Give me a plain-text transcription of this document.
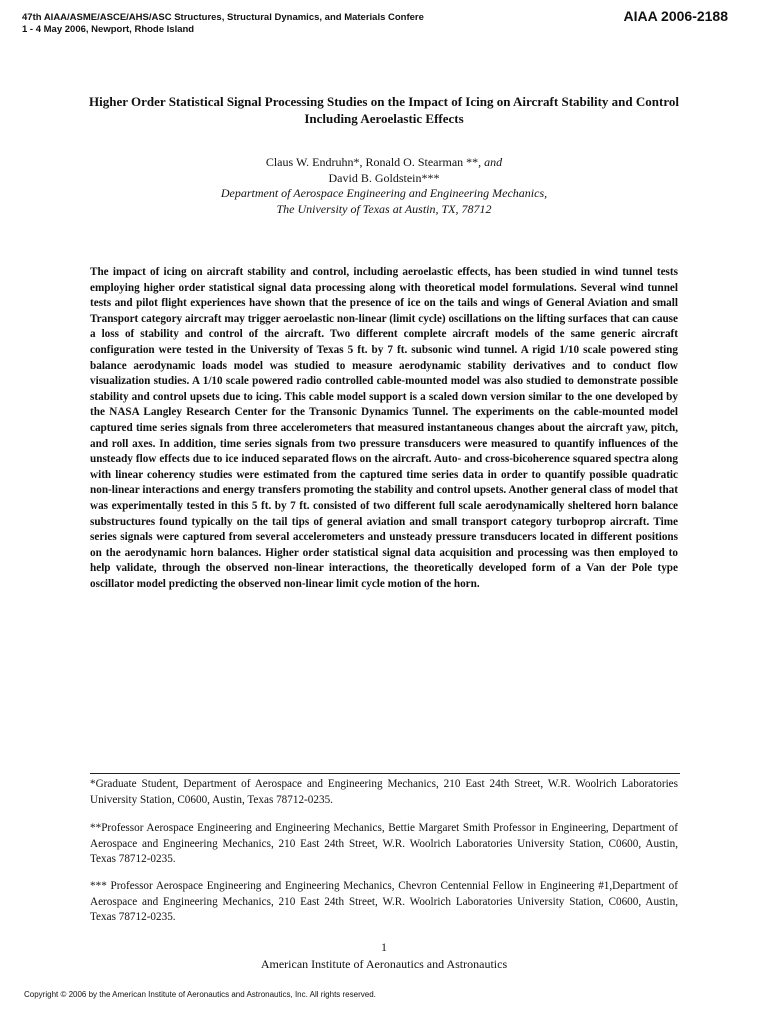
47th AIAA/ASME/ASCE/AHS/ASC Structures, Structural Dynamics, and Materials Confere
1 - 4 May 2006, Newport, Rhode Island
AIAA 2006-2188
Higher Order Statistical Signal Processing Studies on the Impact of Icing on Aircraft Stability and Control Including Aeroelastic Effects
Claus W. Endruhn*, Ronald O. Stearman **, and
David B. Goldstein***
Department of Aerospace Engineering and Engineering Mechanics,
The University of Texas at Austin, TX, 78712

The impact of icing on aircraft stability and control, including aeroelastic effects, has been studied in wind tunnel tests employing higher order statistical signal data processing along with theoretical model formulations. Several wind tunnel tests and pilot flight experiences have shown that the presence of ice on the tails and wings of General Aviation and small Transport category aircraft may trigger aeroelastic non-linear (limit cycle) oscillations on the lifting surfaces that can cause a loss of stability and control of the aircraft. Two different complete aircraft models of the same generic aircraft configuration were tested in the University of Texas 5 ft. by 7 ft. subsonic wind tunnel. A rigid 1/10 scale powered sting balance aerodynamic loads model was studied to measure aerodynamic stability derivatives and to conduct flow visualization studies. A 1/10 scale powered radio controlled cable-mounted model was also studied to demonstrate possible stability and control upsets due to icing. This cable model support is a scaled down version similar to the one developed by the NASA Langley Research Center for the Transonic Dynamics Tunnel. The experiments on the cable-mounted model captured time series signals from three accelerometers that measured instantaneous changes about the aircraft yaw, pitch, and roll axes. In addition, time series signals from two pressure transducers were measured to quantify influences of the unsteady flow effects due to ice induced separated flows on the aircraft. Auto- and cross-bicoherence squared spectra along with linear coherency studies were estimated from the captured time series data in order to quantify possible quadratic non-linear interactions and energy transfers promoting the stability and control upsets. Another general class of model that was experimentally tested in this 5 ft. by 7 ft. consisted of two different full scale aerodynamically sheltered horn balance substructures found typically on the tail tips of general aviation and small transport category turboprop aircraft. Time series signals were captured from several accelerometers and unsteady pressure transducers located in different positions on the aerodynamic horn balances. Higher order statistical signal data acquisition and processing was then employed to help validate, through the observed non-linear interactions, the theoretically developed form of a Van der Pole type oscillator model predicting the observed non-linear limit cycle motion of the horn.

*Graduate Student, Department of Aerospace and Engineering Mechanics, 210 East 24th Street, W.R. Woolrich Laboratories University Station, C0600, Austin, Texas 78712-0235.

**Professor Aerospace Engineering and Engineering Mechanics, Bettie Margaret Smith Professor in Engineering, Department of Aerospace and Engineering Mechanics, 210 East 24th Street, W.R. Woolrich Laboratories University Station, C0600, Austin, Texas 78712-0235.

*** Professor Aerospace Engineering and Engineering Mechanics, Chevron Centennial Fellow in Engineering #1,Department of Aerospace and Engineering Mechanics, 210 East 24th Street, W.R. Woolrich Laboratories University Station, C0600, Austin, Texas 78712-0235.

1
American Institute of Aeronautics and Astronautics
Copyright © 2006 by the American Institute of Aeronautics and Astronautics, Inc. All rights reserved.
